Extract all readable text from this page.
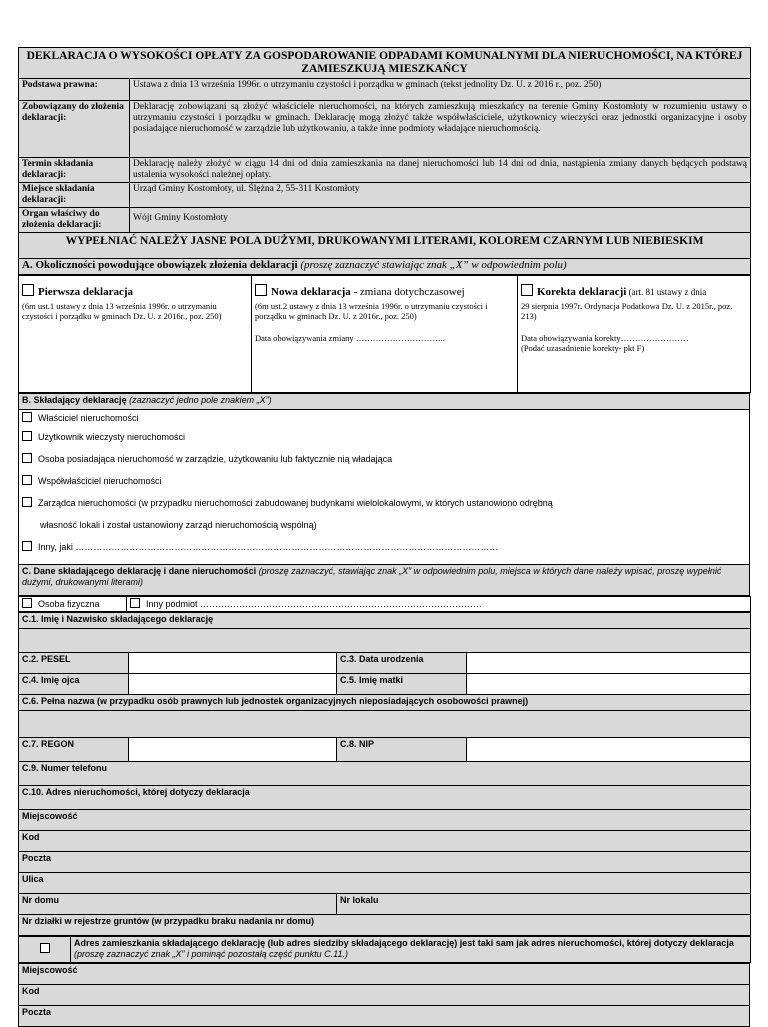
DEKLARACJA O WYSOKOŚCI OPŁATY ZA GOSPODAROWANIE ODPADAMI KOMUNALNYMI DLA NIERUCHOMOŚCI, NA KTÓREJ ZAMIESZKUJĄ MIESZKAŃCY	
Podstawa prawna:	Ustawa z dnia 13 września 1996r. o utrzymaniu czystości i porządku w gminach (tekst jednolity Dz. U. z 2016 r., poz. 250)
Zobowiązany do złożenia deklaracji:	Deklarację zobowiązani są złożyć właściciele nieruchomości, na których zamieszkują mieszkańcy na terenie Gminy Kostomłoty w rozumieniu ustawy o utrzymaniu czystości i porządku w gminach. Deklarację mogą złożyć także współwłaściciele, użytkownicy wieczyści oraz jednostki organizacyjne i osoby posiadające nieruchomość w zarządzie lub użytkowaniu, a także inne podmioty władające nieruchomością.
Termin składania deklaracji:	Deklarację należy złożyć w ciągu 14 dni od dnia zamieszkania na danej nieruchomości lub 14 dni od dnia, nastąpienia zmiany danych będących podstawą ustalenia wysokości należnej opłaty.
Miejsce składania deklaracji:	Urząd Gminy Kostomłoty, ul. Ślężna 2, 55-311 Kostomłoty
Organ właściwy do złożenia deklaracji:	Wójt Gminy Kostomłoty
WYPEŁNIAĆ NALEŻY JASNE POLA DUŻYMI, DRUKOWANYMI LITERAMI, KOLOREM CZARNYM LUB NIEBIESKIM	
A. Okoliczności powodujące obowiązek złożenia deklaracji (proszę zaznaczyć stawiając znak „X” w odpowiednim polu)	
Pierwsza deklaracja
(6m ust.1 ustawy z dnia 13 września 1996r. o utrzymaniu czystości i porządku w gminach Dz. U. z 2016r., poz. 250)

Nowa deklaracja - zmiana dotychczasowej
(6m ust.2 ustawy z dnia 13 września 1996r. o utrzymaniu czystości i porządku w gminach Dz. U. z 2016r., poz. 250)
Data obowiązywania zmiany …………………………..

Korekta deklaracji (art. 81 ustawy z dnia
29 sierpnia 1997r. Ordynacja Podatkowa Dz. U. z 2015r., poz. 213)
Data obowiązywania korekty……………………
(Podać uzasadnienie korekty- pkt F)
B. Składający deklarację (zaznaczyć jedno pole znakiem „X”)

Właściciel nieruchomości
Użytkownik wieczysty nieruchomości
Osoba posiadająca nieruchomość w zarządzie, użytkowaniu lub faktycznie nią władająca
Współwłaściciel nieruchomości
Zarządca nieruchomości (w przypadku nieruchomości zabudowanej budynkami wielolokalowymi, w których ustanowiono odrębną
własność lokali i został ustanowiony zarząd nieruchomością wspólną)
Inny, jaki ……………………………………………………………………………………………………………………………

C. Dane składającego deklarację i dane nieruchomości (proszę zaznaczyć, stawiając znak „X” w odpowiednim polu, miejsca w których dane należy wpisać, proszę wypełnić dużymi, drukowanymi literami)
Osoba fizyczna	Inny podmiot ………………………………………………………………………………….
C.1. Imię i Nazwisko składającego deklarację			

C.2. PESEL		C.3. Data urodzenia	
C.4. Imię ojca		C.5. Imię matki	
C.6. Pełna nazwa (w przypadku osób prawnych lub jednostek organizacyjnych nieposiadających osobowości prawnej)			

C.7. REGON		C.8. NIP	
C.9. Numer telefonu			
C.10. Adres nieruchomości, której dotyczy deklaracja			
Miejscowość			
Kod			
Poczta			
Ulica			
Nr domu		Nr lokalu	
Nr działki w rejestrze gruntów (w przypadku braku nadania nr domu)			
	Adres zamieszkania składającego deklarację (lub adres siedziby składającego deklarację) jest taki sam jak adres nieruchomości, której dotyczy deklaracja (proszę zaznaczyć znak „X” i pominąć pozostałą część punktu C.11.)
Miejscowość
Kod
Poczta
